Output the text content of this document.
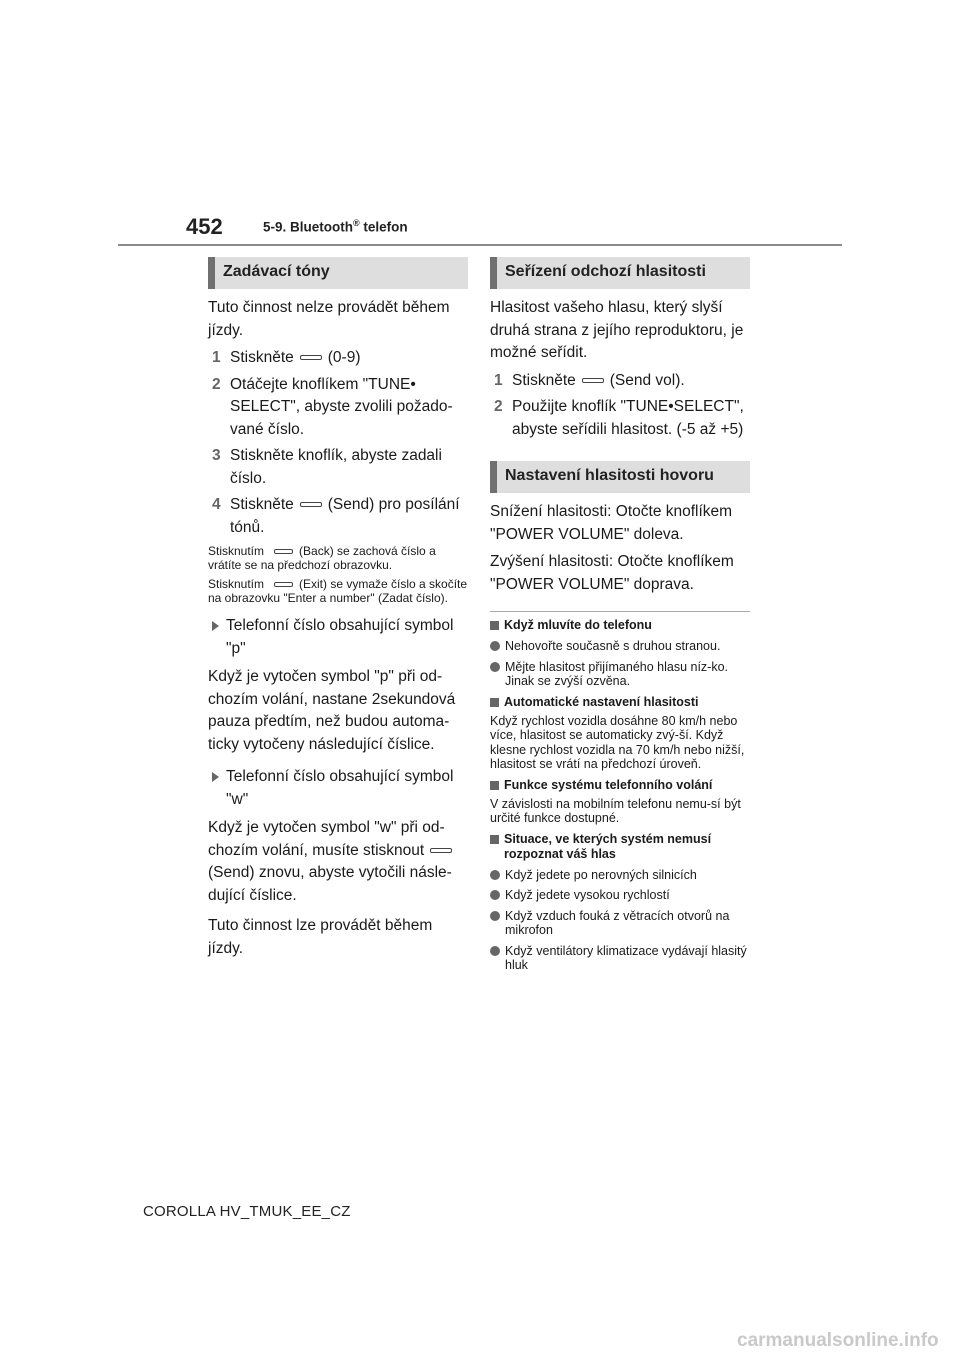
452	5-9. Bluetooth® telefon
Zadávací tóny

Tuto činnost nelze provádět během jízdy.

1 Stiskněte (0-9)
2 Otáčejte knoflíkem "TUNE• SELECT", abyste zvolili požado-vané číslo.
3 Stiskněte knoflík, abyste zadali číslo.
4 Stiskněte (Send) pro posílání tónů.

Stisknutím	(Back) se zachová číslo a vrátíte se na předchozí obrazovku.

Stisknutím	(Exit) se vymaže číslo a skočíte na obrazovku "Enter a number" (Zadat číslo).

Telefonní číslo obsahující symbol "p"

Když je vytočen symbol "p" při od-chozím volání, nastane 2sekundová pauza předtím, než budou automa-ticky vytočeny následující číslice.

Telefonní číslo obsahující symbol "w"

Když je vytočen symbol "w" při od-chozím volání, musíte stisknout(Send) znovu, abyste vytočili násle-dující číslice.

Tuto činnost lze provádět během jízdy.

Seřízení odchozí hlasitosti

Hlasitost vašeho hlasu, který slyší druhá strana z jejího reproduktoru, je možné seřídit.

1 Stiskněte (Send vol).
2 Použijte knoflík "TUNE•SELECT", abyste seřídili hlasitost. (-5 až +5)
Nastavení hlasitosti hovoru

Snížení hlasitosti: Otočte knoflíkem "POWER VOLUME" doleva.

Zvýšení hlasitosti: Otočte knoflíkem "POWER VOLUME" doprava.

Když mluvíte do telefonu
Nehovořte současně s druhou stranou.
Mějte hlasitost přijímaného hlasu níz-ko. Jinak se zvýší ozvěna.
Automatické nastavení hlasitosti

Když rychlost vozidla dosáhne 80 km/h nebo více, hlasitost se automaticky zvý-ší. Když klesne rychlost vozidla na 70 km/h nebo nižší, hlasitost se vrátí na předchozí úroveň.

Funkce systému telefonního volání

V závislosti na mobilním telefonu nemu-sí být určité funkce dostupné.

Situace, ve kterých systém nemusí rozpoznat váš hlas
Když jedete po nerovných silnicích
Když jedete vysokou rychlostí
Když vzduch fouká z větracích otvorů na mikrofon
Když ventilátory klimatizace vydávají hlasitý hluk
COROLLA HV_TMUK_EE_CZ
carmanualsonline.info
